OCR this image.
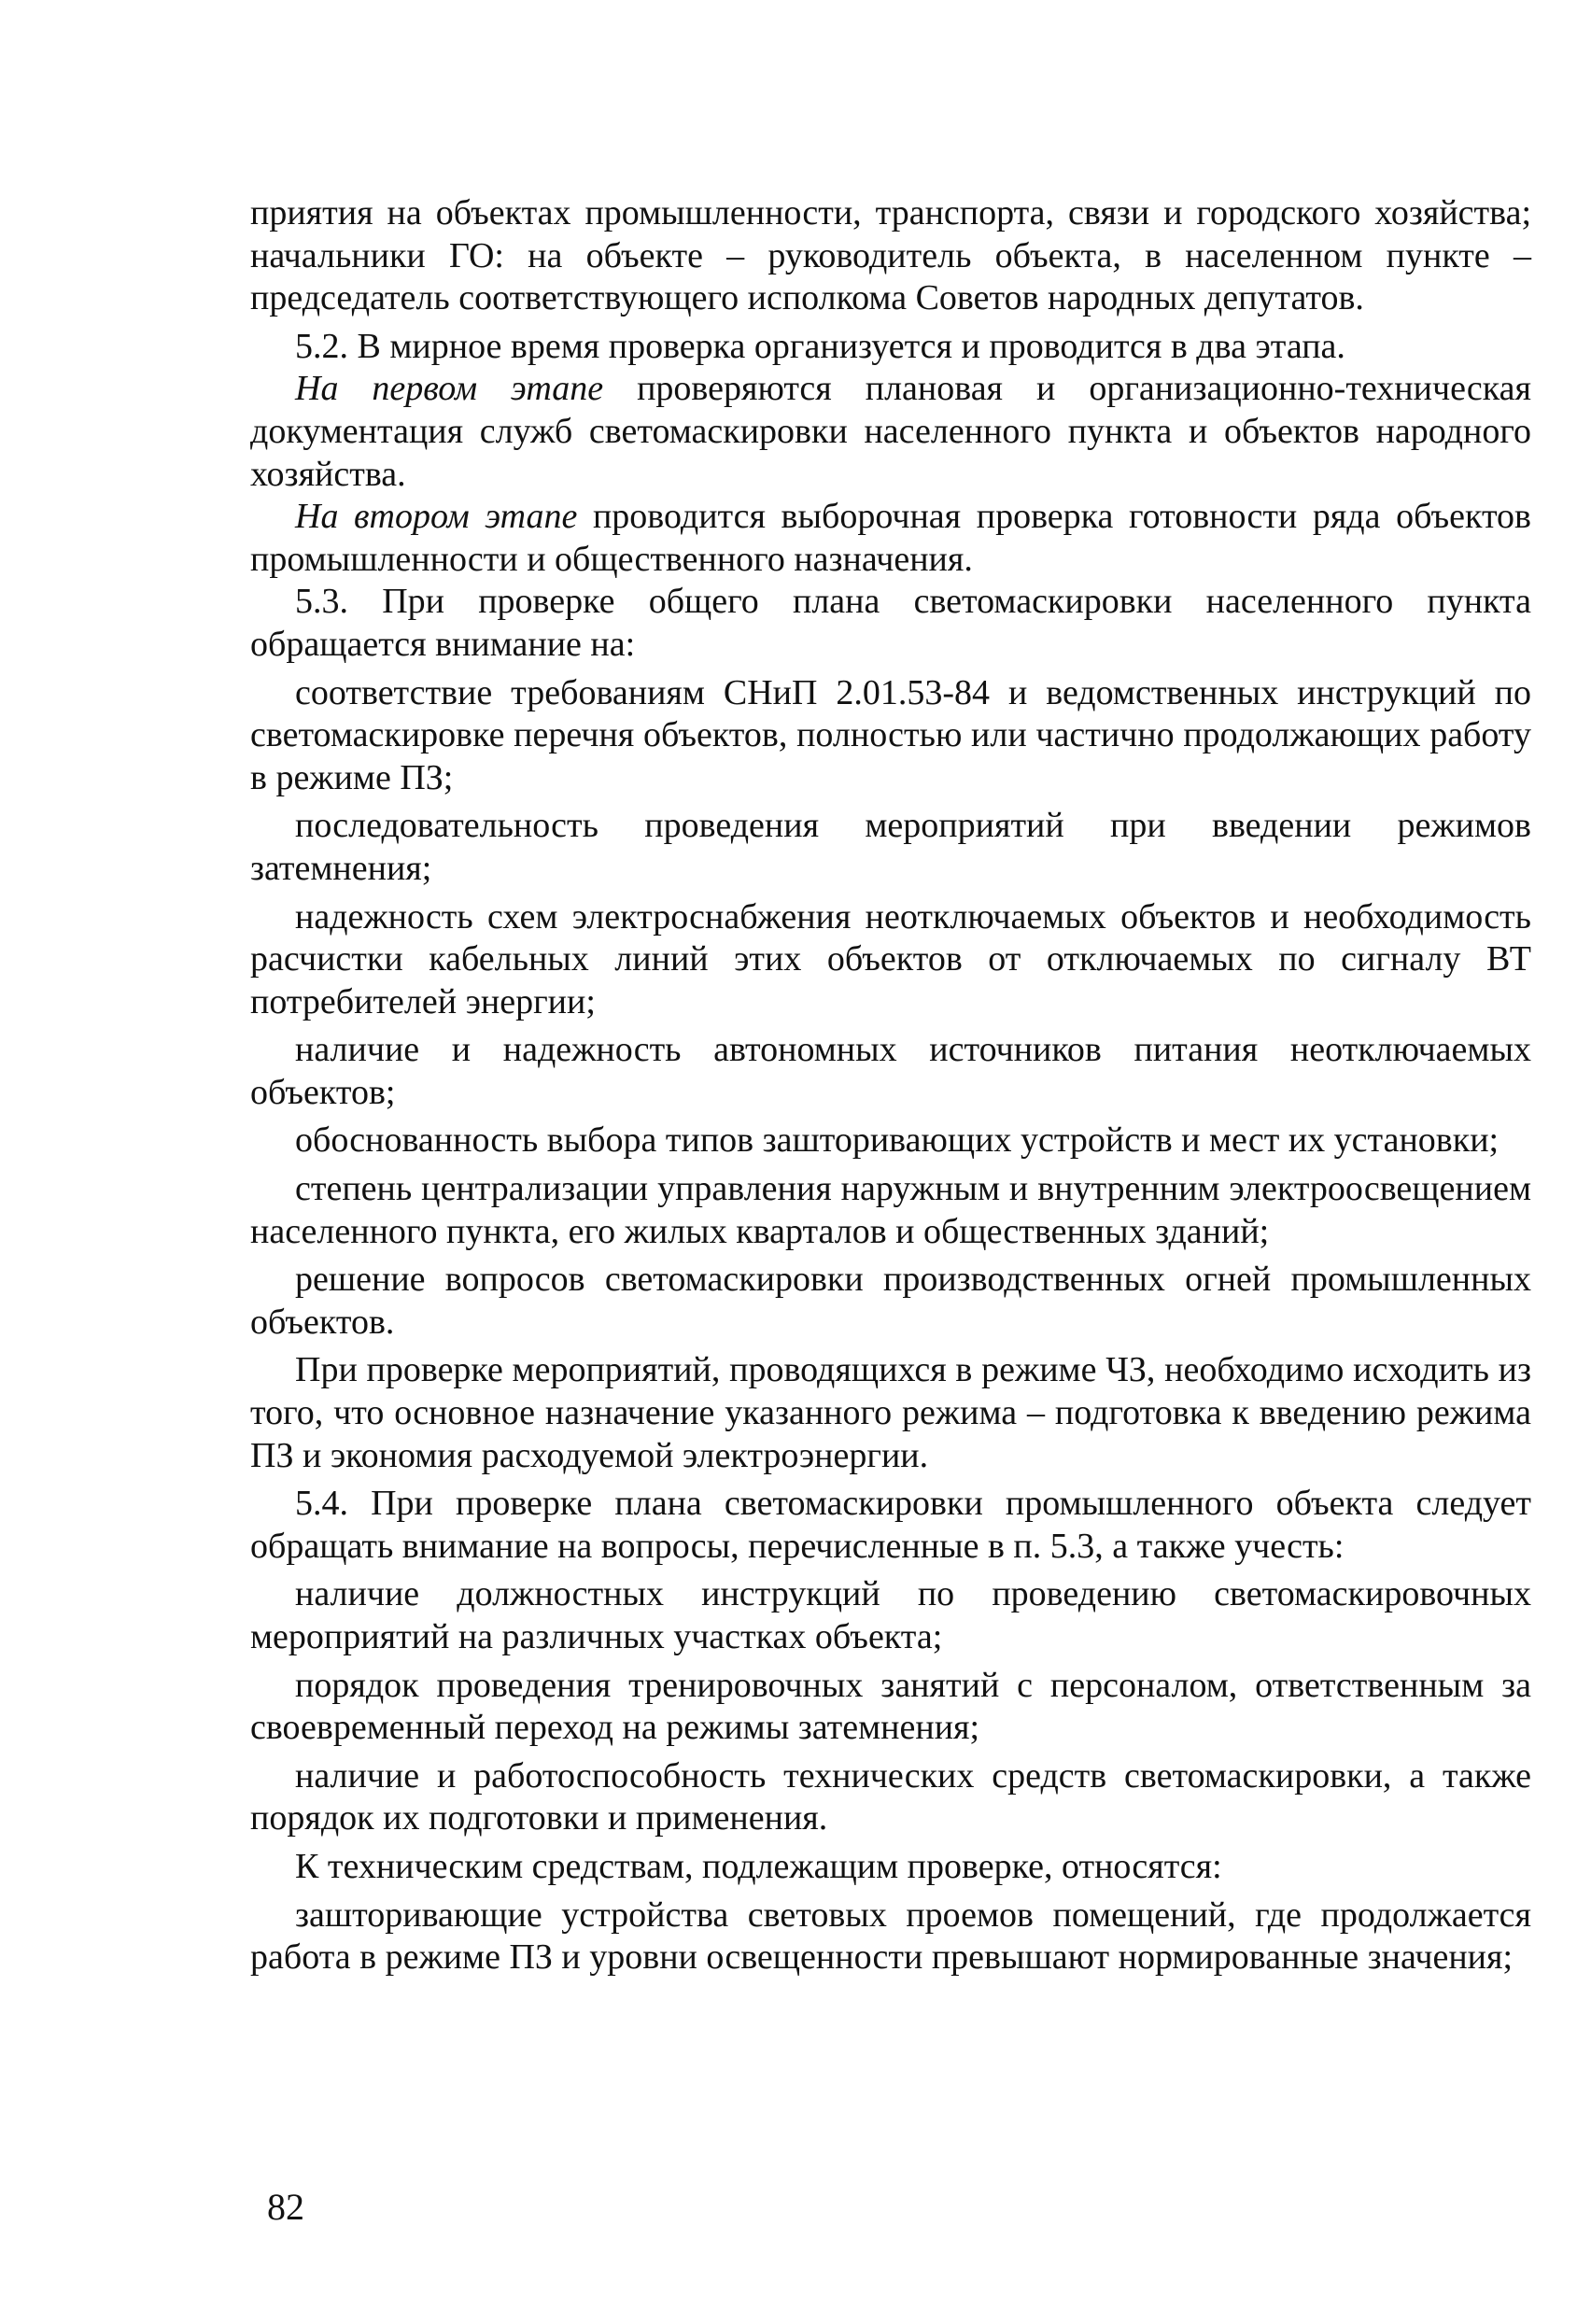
приятия на объектах промышленности, транспорта, связи и городского хозяйства; начальники ГО: на объекте – руководитель объекта, в населенном пункте – председатель соответствующего исполкома Советов народных депутатов.

5.2. В мирное время проверка организуется и проводится в два этапа.

На первом этапе проверяются плановая и организационно-техническая документация служб светомаскировки населенного пункта и объектов народного хозяйства.

На втором этапе проводится выборочная проверка готовности ряда объектов промышленности и общественного назначения.

5.3. При проверке общего плана светомаскировки населенного пункта обращается внимание на:

соответствие требованиям СНиП 2.01.53-84 и ведомственных инструкций по светомаскировке перечня объектов, полностью или частично продолжающих работу в режиме ПЗ;

последовательность проведения мероприятий при введении режимов затемнения;

надежность схем электроснабжения неотключаемых объектов и необходимость расчистки кабельных линий этих объектов от отключаемых по сигналу ВТ потребителей энергии;

наличие и надежность автономных источников питания неотключаемых объектов;

обоснованность выбора типов зашторивающих устройств и мест их установки;

степень централизации управления наружным и внутренним электроосвещением населенного пункта, его жилых кварталов и общественных зданий;

решение вопросов светомаскировки производственных огней промышленных объектов.

При проверке мероприятий, проводящихся в режиме ЧЗ, необходимо исходить из того, что основное назначение указанного режима – подготовка к введению режима ПЗ и экономия расходуемой электроэнергии.

5.4. При проверке плана светомаскировки промышленного объекта следует обращать внимание на вопросы, перечисленные в п. 5.3, а также учесть:

наличие должностных инструкций по проведению светомаскировочных мероприятий на различных участках объекта;

порядок проведения тренировочных занятий с персоналом, ответственным за своевременный переход на режимы затемнения;

наличие и работоспособность технических средств светомаскировки, а также порядок их подготовки и применения.

К техническим средствам, подлежащим проверке, относятся:

зашторивающие устройства световых проемов помещений, где продолжается работа в режиме ПЗ и уровни освещенности превышают нормированные значения;

82
